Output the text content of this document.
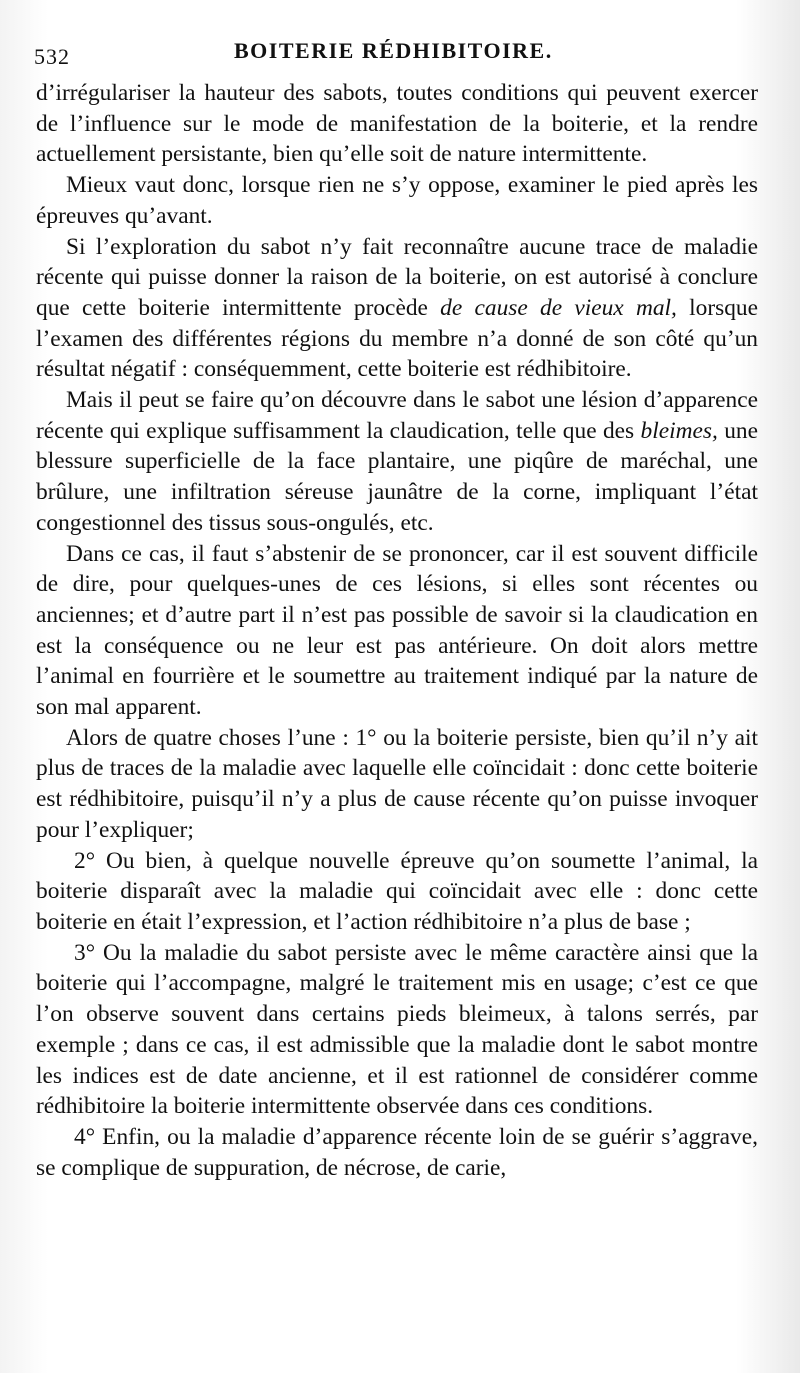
532	BOITERIE RÉDHIBITOIRE.

d’irrégulariser la hauteur des sabots, toutes conditions qui peuvent exercer de l’influence sur le mode de manifestation de la boiterie, et la rendre actuellement persistante, bien qu’elle soit de nature intermittente.

Mieux vaut donc, lorsque rien ne s’y oppose, examiner le pied après les épreuves qu’avant.

Si l’exploration du sabot n’y fait reconnaître aucune trace de maladie récente qui puisse donner la raison de la boiterie, on est autorisé à conclure que cette boiterie intermittente procède de cause de vieux mal, lorsque l’examen des différentes régions du membre n’a donné de son côté qu’un résultat négatif : conséquemment, cette boiterie est rédhibitoire.

Mais il peut se faire qu’on découvre dans le sabot une lésion d’apparence récente qui explique suffisamment la claudication, telle que des bleimes, une blessure superficielle de la face plantaire, une piqûre de maréchal, une brûlure, une infiltration séreuse jaunâtre de la corne, impliquant l’état congestionnel des tissus sous-ongulés, etc.

Dans ce cas, il faut s’abstenir de se prononcer, car il est souvent difficile de dire, pour quelques-unes de ces lésions, si elles sont récentes ou anciennes; et d’autre part il n’est pas possible de savoir si la claudication en est la conséquence ou ne leur est pas antérieure. On doit alors mettre l’animal en fourrière et le soumettre au traitement indiqué par la nature de son mal apparent.

Alors de quatre choses l’une : 1° ou la boiterie persiste, bien qu’il n’y ait plus de traces de la maladie avec laquelle elle coïncidait : donc cette boiterie est rédhibitoire, puisqu’il n’y a plus de cause récente qu’on puisse invoquer pour l’expliquer;

2° Ou bien, à quelque nouvelle épreuve qu’on soumette l’animal, la boiterie disparaît avec la maladie qui coïncidait avec elle : donc cette boiterie en était l’expression, et l’action rédhibitoire n’a plus de base ;

3° Ou la maladie du sabot persiste avec le même caractère ainsi que la boiterie qui l’accompagne, malgré le traitement mis en usage; c’est ce que l’on observe souvent dans certains pieds bleimeux, à talons serrés, par exemple ; dans ce cas, il est admissible que la maladie dont le sabot montre les indices est de date ancienne, et il est rationnel de considérer comme rédhibitoire la boiterie intermittente observée dans ces conditions.

4° Enfin, ou la maladie d’apparence récente loin de se guérir s’aggrave, se complique de suppuration, de nécrose, de carie,
